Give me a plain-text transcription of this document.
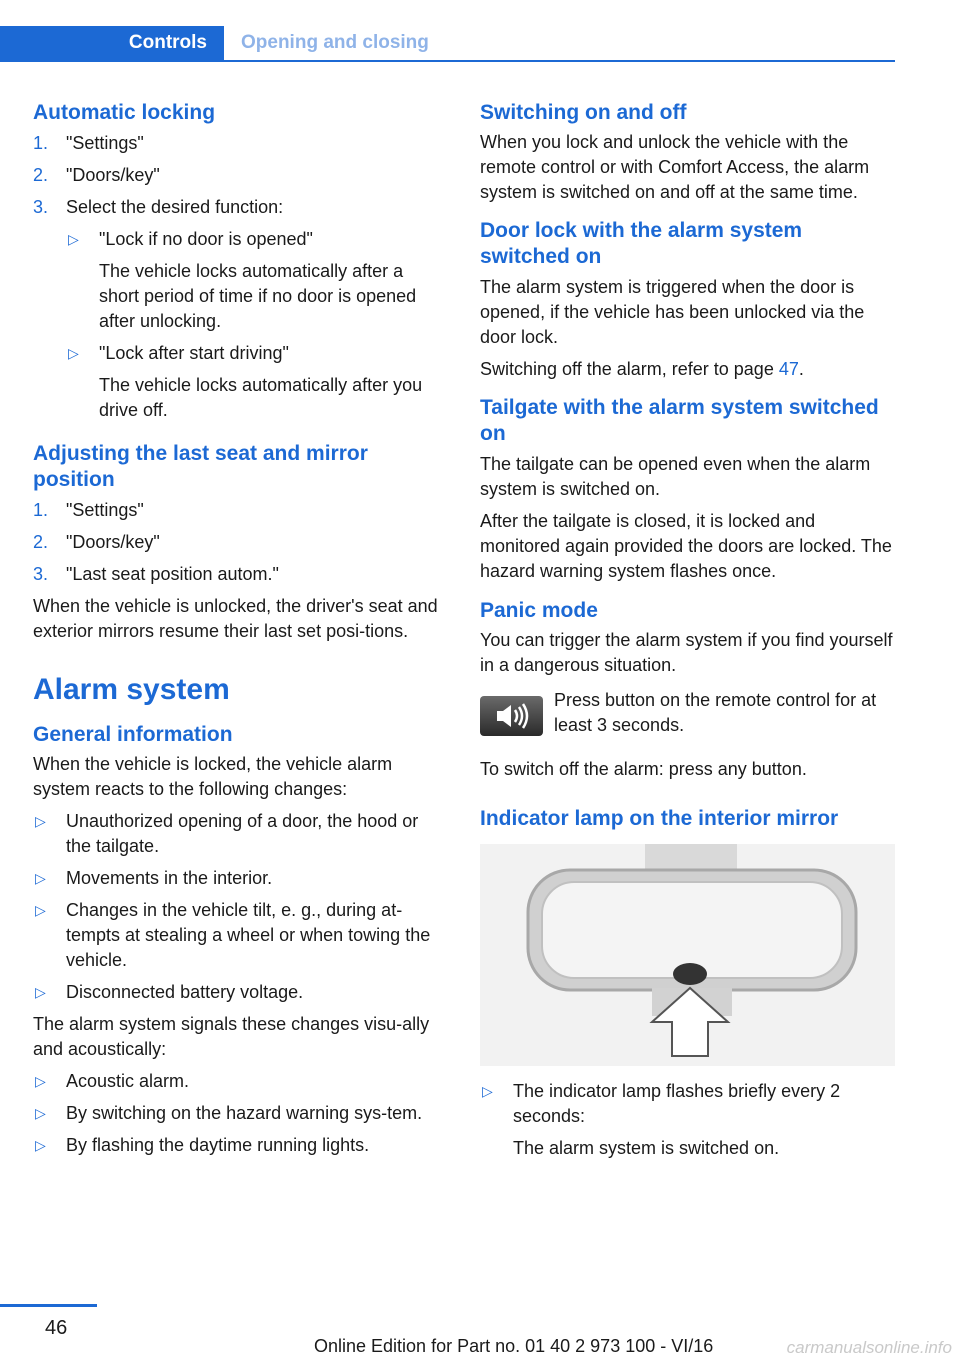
Controls	Opening and closing
Automatic locking
1. "Settings"
2. "Doors/key"
3. Select the desired function:
▷ "Lock if no door is opened"

The vehicle locks automatically after a short period of time if no door is opened after unlocking.

▷ "Lock after start driving"

The vehicle locks automatically after you drive off.

Adjusting the last seat and mirror position
1. "Settings"
2. "Doors/key"
3. "Last seat position autom."

When the vehicle is unlocked, the driver's seat and exterior mirrors resume their last set posi‐tions.

Alarm system
General information

When the vehicle is locked, the vehicle alarm system reacts to the following changes:

▷ Unauthorized opening of a door, the hood or the tailgate.
▷ Movements in the interior.
▷ Changes in the vehicle tilt, e. g., during at‐tempts at stealing a wheel or when towing the vehicle.
▷ Disconnected battery voltage.

The alarm system signals these changes visu‐ally and acoustically:

▷ Acoustic alarm.
▷ By switching on the hazard warning sys‐tem.
▷ By flashing the daytime running lights.
Switching on and off

When you lock and unlock the vehicle with the remote control or with Comfort Access, the alarm system is switched on and off at the same time.

Door lock with the alarm system switched on

The alarm system is triggered when the door is opened, if the vehicle has been unlocked via the door lock.

Switching off the alarm, refer to page 47.

Tailgate with the alarm system switched on

The tailgate can be opened even when the alarm system is switched on.

After the tailgate is closed, it is locked and monitored again provided the doors are locked. The hazard warning system flashes once.

Panic mode

You can trigger the alarm system if you find yourself in a dangerous situation.

Press button on the remote control for at least 3 seconds.

To switch off the alarm: press any button.

Indicator lamp on the interior mirror
▷ The indicator lamp flashes briefly every 2 seconds:

The alarm system is switched on.

46
Online Edition for Part no. 01 40 2 973 100 - VI/16	carmanualsonline.info
